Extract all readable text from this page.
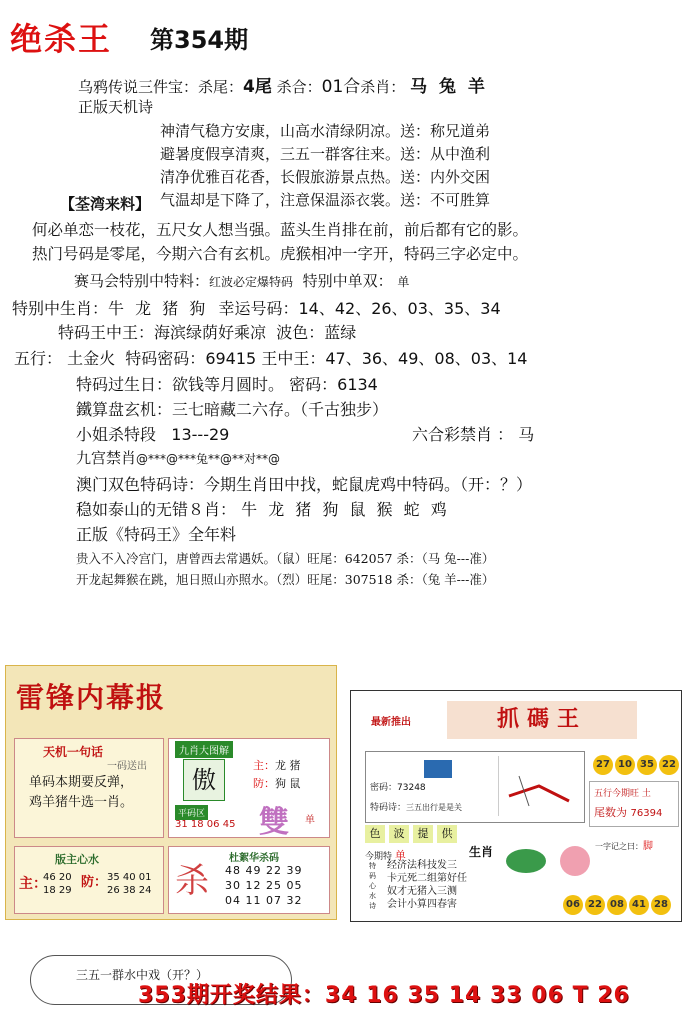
绝杀王 第354期
乌鸦传说三件宝：杀尾：4尾 杀合：01合杀肖： 马 兔 羊
正版天机诗
神清气稳方安康，山高水清绿阴凉。送：称兄道弟
避暑度假享清爽，三五一群客往来。送：从中渔利
清净优雅百花香，长假旅游景点热。送：内外交困
气温却是下降了，注意保温添衣裳。送：不可胜算
【荃湾来料】
何必单恋一枝花，五尺女人想当强。蓝头生肖排在前，前后都有它的影。
热门号码是零尾，今期六合有玄机。虎猴相冲一字开，特码三字必定中。
赛马会特别中特料：红波必定爆特码 特别中单双： 单
特别中生肖：牛 龙 猪 狗 幸运号码：14、42、26、03、35、34
特码王中王：海滨绿荫好乘凉 波色：蓝绿
五行： 土金火 特码密码：69415 王中王：47、36、49、08、03、14
特码过生日：欲钱等月圆时。 密码：6134
鐵算盘玄机：三七暗藏二六存。（千古独步）
小姐杀特段 13---29	六合彩禁肖 ： 马
九宫禁肖@***@***兔**@**对**@
澳门双色特码诗：今期生肖田中找，蛇鼠虎鸡中特码。（开：？）
稳如泰山的无错８肖： 牛 龙 猪 狗 鼠 猴 蛇 鸡
正版《特码王》全年料
贵入不入冷宫门，唐曾西去常遇妖。（鼠）旺尾：642057 杀：（马 兔---准）
开龙起舞猴在跳，旭日照山亦照水。（烈）旺尾：307518 杀：（兔 羊---准）
雷锋内幕报
天机一句话
一码送出
单码本期要反弹，
鸡羊猪牛选一肖。
九肖大图解
傲
主：龙 猪
防：狗 鼠
平码区
31 18 06 45 雙 单
版主心水
主：
46 20
18 29
防： 35 40 01
26 38 24 杀
杜絮华杀码
48 49 22 39
30 12 25 05
04 11 07 32
最新推出	抓碼王
密码：73248
特码诗：三五出行是是关
27 10 35 22
五行今期旺 土
尾数为 76394
色	波	提	供
今期特 单	生肖
特码心水诗
经济法科技发三
卡元死二组第好任
奴才无猪入三测
会计小算四春害
一字记之曰：脚
06 22 08 41 28
三五一群水中戏（开？）
353期开奖结果：34 16 35 14 33 06 T 26
